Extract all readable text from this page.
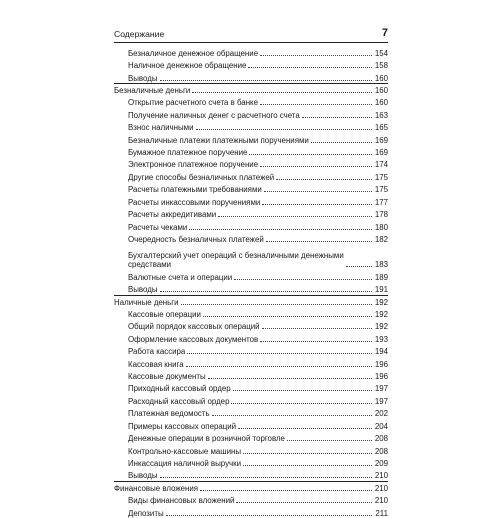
Содержание	7
Безналичное денежное обращение	154
Наличное денежное обращение	158
Выводы	160
Безналичные деньги	160
Открытие расчетного счета в банке	160
Получение наличных денег с расчетного счета	163
Взнос наличными	165
Безналичные платежи платежными поручениями	169
Бумажное платежное поручение	169
Электронное платежное поручение	174
Другие способы безналичных платежей	175
Расчеты платежными требованиями	175
Расчеты инкассовыми поручениями	177
Расчеты аккредитивами	178
Расчеты чеками	180
Очередность безналичных платежей	182
Бухгалтерский учет операций с безналичными денежными
средствами	183
Валютные счета и операции	189
Выводы	191
Наличные деньги	192
Кассовые операции	192
Общий порядок кассовых операций	192
Оформление кассовых документов	193
Работа кассира	194
Кассовая книга	196
Кассовые документы	196
Приходный кассовый ордер	197
Расходный кассовый ордер	197
Платежная ведомость	202
Примеры кассовых операций	204
Денежные операции в розничной торговле	208
Контрольно-кассовые машины	208
Инкассация наличной выручки	209
Выводы	210
Финансовые вложения	210
Виды финансовых вложений	210
Депозиты	211
